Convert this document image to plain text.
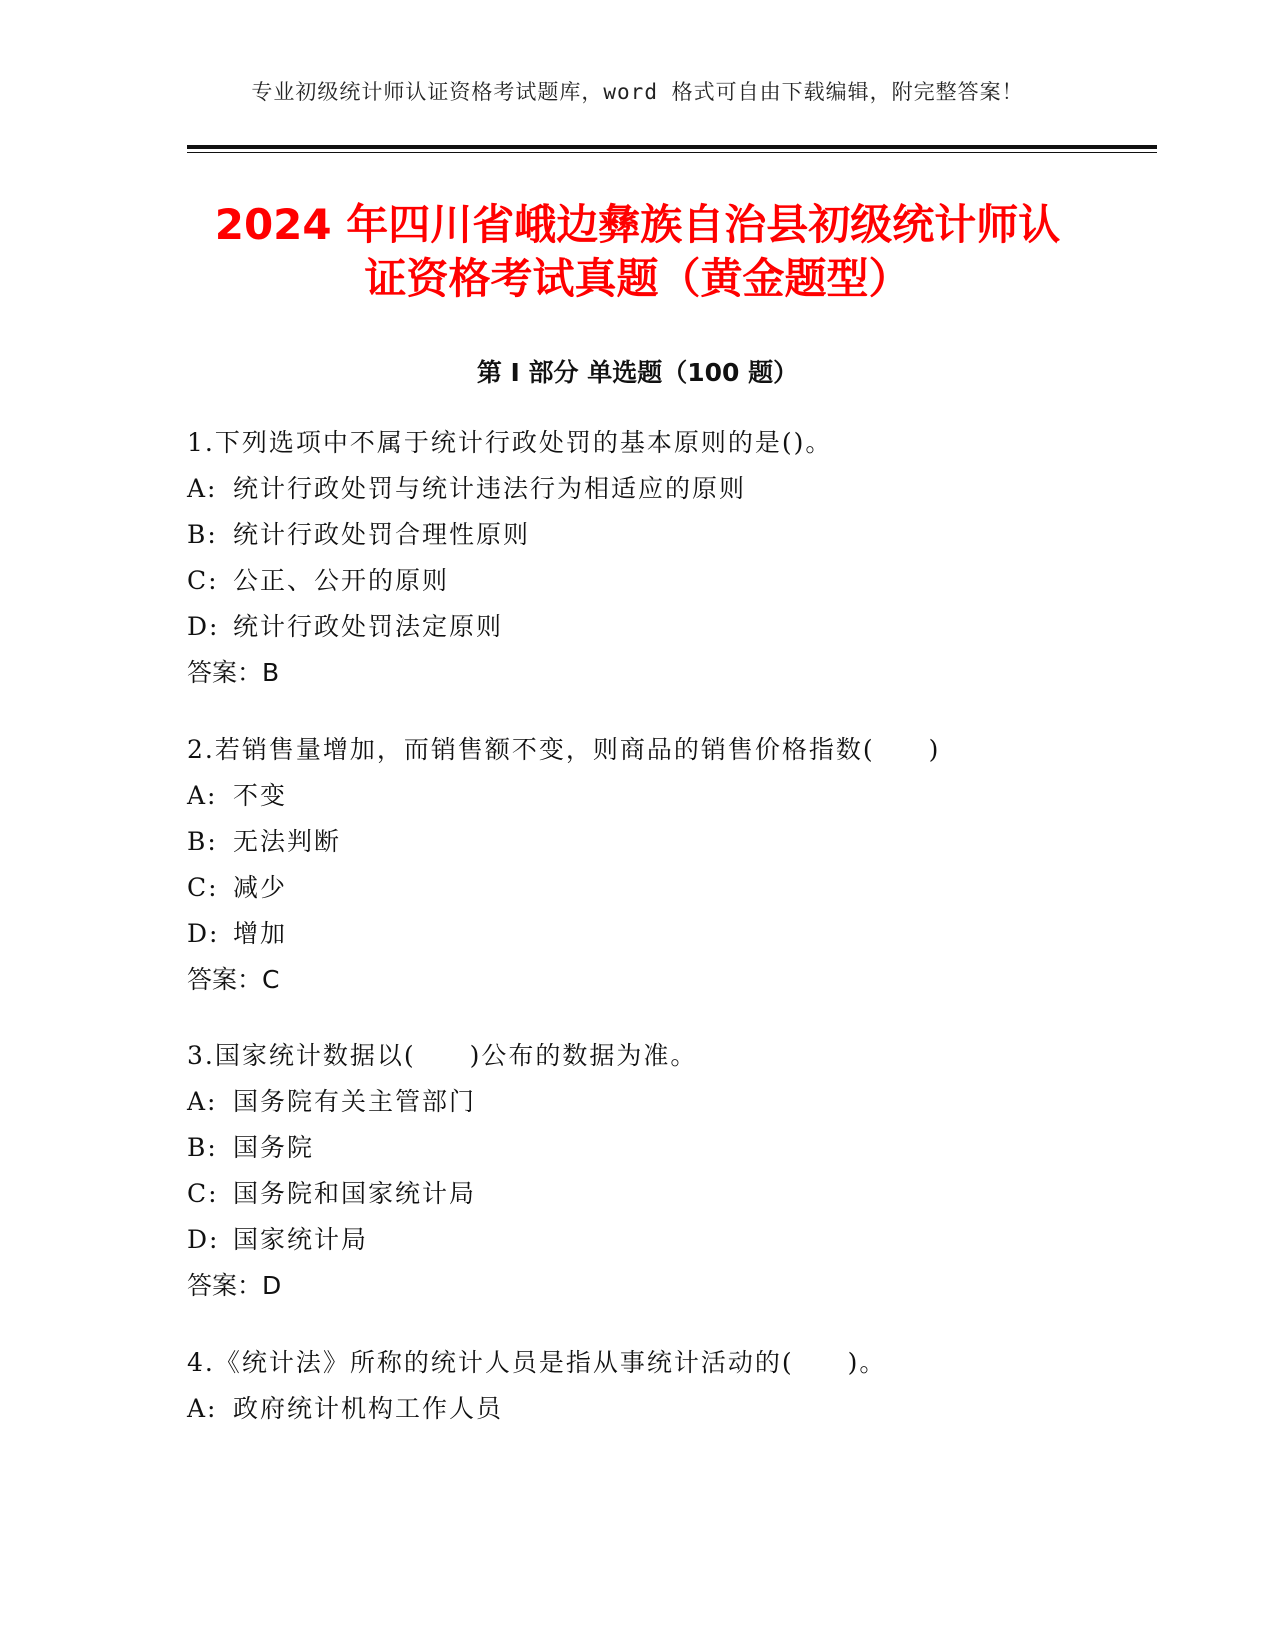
专业初级统计师认证资格考试题库，word 格式可自由下载编辑，附完整答案！
2024 年四川省峨边彝族自治县初级统计师认
证资格考试真题（黄金题型）
第 I 部分 单选题（100 题）
1.下列选项中不属于统计行政处罚的基本原则的是()。
A: 统计行政处罚与统计违法行为相适应的原则
B: 统计行政处罚合理性原则
C: 公正、公开的原则
D: 统计行政处罚法定原则
答案：B
2.若销售量增加，而销售额不变，则商品的销售价格指数(　　)
A: 不变
B: 无法判断
C: 减少
D: 增加
答案：C
3.国家统计数据以(　　)公布的数据为准。
A: 国务院有关主管部门
B: 国务院
C: 国务院和国家统计局
D: 国家统计局
答案：D
4.《统计法》所称的统计人员是指从事统计活动的(　　)。
A: 政府统计机构工作人员
